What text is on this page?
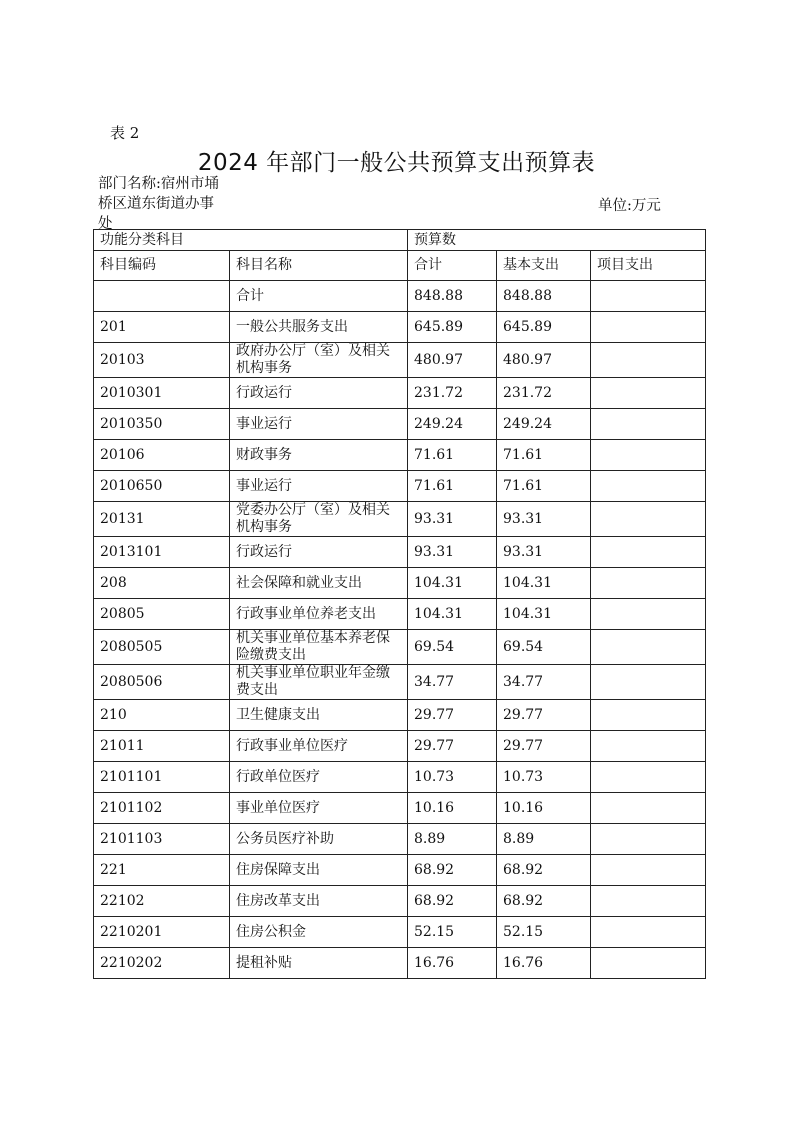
表 2
2024 年部门一般公共预算支出预算表
部门名称:宿州市埇桥区道东街道办事处
单位:万元
功能分类科目		预算数		
科目编码	科目名称	合计	基本支出	项目支出
	合计	848.88	848.88	
201	一般公共服务支出	645.89	645.89	
20103	政府办公厅（室）及相关机构事务	480.97	480.97	
2010301	行政运行	231.72	231.72	
2010350	事业运行	249.24	249.24	
20106	财政事务	71.61	71.61	
2010650	事业运行	71.61	71.61	
20131	党委办公厅（室）及相关机构事务	93.31	93.31	
2013101	行政运行	93.31	93.31	
208	社会保障和就业支出	104.31	104.31	
20805	行政事业单位养老支出	104.31	104.31	
2080505	机关事业单位基本养老保险缴费支出	69.54	69.54	
2080506	机关事业单位职业年金缴费支出	34.77	34.77	
210	卫生健康支出	29.77	29.77	
21011	行政事业单位医疗	29.77	29.77	
2101101	行政单位医疗	10.73	10.73	
2101102	事业单位医疗	10.16	10.16	
2101103	公务员医疗补助	8.89	8.89	
221	住房保障支出	68.92	68.92	
22102	住房改革支出	68.92	68.92	
2210201	住房公积金	52.15	52.15	
2210202	提租补贴	16.76	16.76	
